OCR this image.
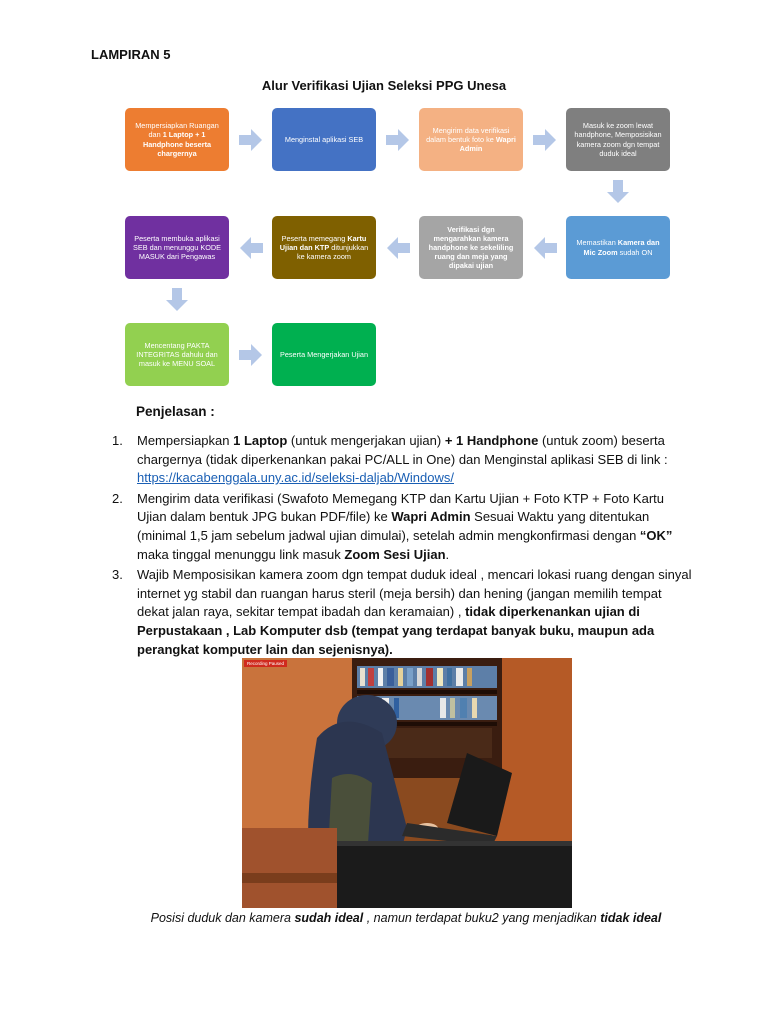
LAMPIRAN 5
Alur Verifikasi Ujian Seleksi PPG Unesa
Mempersiapkan Ruangan dan 1 Laptop + 1 Handphone beserta chargernya
Menginstal aplikasi SEB
Mengirim data verifikasi dalam bentuk foto ke Wapri Admin
Masuk ke zoom lewat handphone, Memposisikan kamera zoom dgn tempat duduk ideal
Peserta membuka aplikasi SEB dan menunggu KODE MASUK dari Pengawas
Peserta memegang Kartu Ujian dan KTP ditunjukkan ke kamera zoom
Verifikasi dgn mengarahkan kamera handphone ke sekeliling ruang dan meja yang dipakai ujian
Memastikan Kamera dan Mic Zoom sudah ON
Mencentang PAKTA INTEGRITAS dahulu dan masuk ke MENU SOAL
Peserta Mengerjakan Ujian
Penjelasan :
1. Mempersiapkan 1 Laptop (untuk mengerjakan ujian) + 1 Handphone (untuk zoom) beserta chargernya (tidak diperkenankan pakai PC/ALL in One) dan Menginstal aplikasi SEB di link : https://kacabenggala.uny.ac.id/seleksi-daljab/Windows/
2. Mengirim data verifikasi (Swafoto Memegang KTP dan Kartu Ujian + Foto KTP + Foto Kartu Ujian dalam bentuk JPG bukan PDF/file) ke Wapri Admin Sesuai Waktu yang ditentukan (minimal 1,5 jam sebelum jadwal ujian dimulai), setelah admin mengkonfirmasi dengan “OK” maka tinggal menunggu link masuk Zoom Sesi Ujian.
3. Wajib Memposisikan kamera zoom dgn tempat duduk ideal , mencari lokasi ruang dengan sinyal internet yg stabil dan ruangan harus steril (meja bersih) dan hening (jangan memilih tempat dekat jalan raya, sekitar tempat ibadah dan keramaian) , tidak diperkenankan ujian di Perpustakaan , Lab Komputer dsb (tempat yang terdapat banyak buku, maupun ada perangkat komputer lain dan sejenisnya).
Recording Paused
Posisi duduk dan kamera sudah ideal , namun terdapat buku2 yang menjadikan tidak ideal
